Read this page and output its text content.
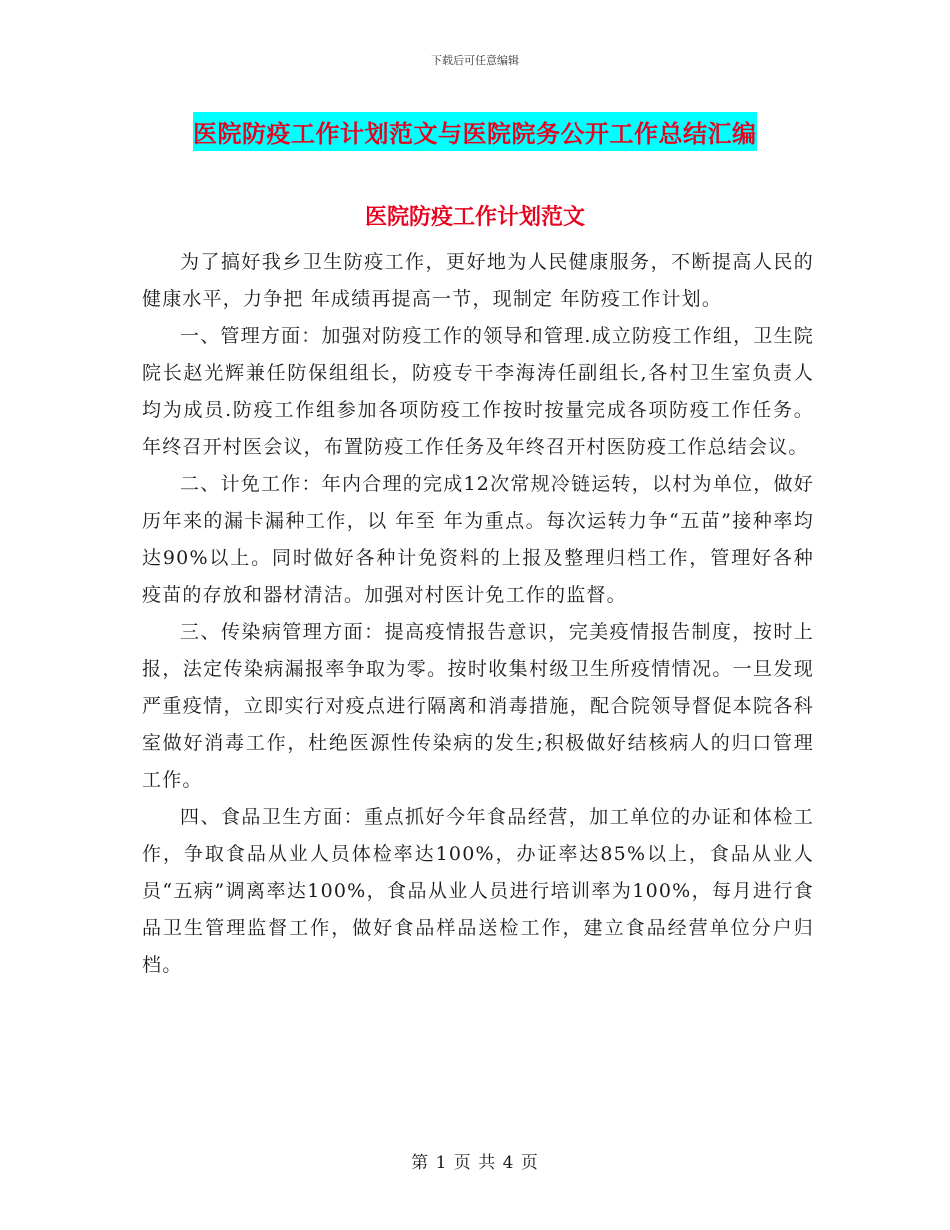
下载后可任意编辑
医院防疫工作计划范文与医院院务公开工作总结汇编
医院防疫工作计划范文

为了搞好我乡卫生防疫工作，更好地为人民健康服务，不断提高人民的健康水平，力争把 年成绩再提高一节，现制定 年防疫工作计划。

一、管理方面：加强对防疫工作的领导和管理.成立防疫工作组，卫生院院长赵光辉兼任防保组组长，防疫专干李海涛任副组长,各村卫生室负责人均为成员.防疫工作组参加各项防疫工作按时按量完成各项防疫工作任务。年终召开村医会议，布置防疫工作任务及年终召开村医防疫工作总结会议。

二、计免工作：年内合理的完成12次常规冷链运转，以村为单位，做好历年来的漏卡漏种工作，以 年至 年为重点。每次运转力争“五苗”接种率均达90%以上。同时做好各种计免资料的上报及整理归档工作，管理好各种疫苗的存放和器材清洁。加强对村医计免工作的监督。

三、传染病管理方面：提高疫情报告意识，完美疫情报告制度，按时上报，法定传染病漏报率争取为零。按时收集村级卫生所疫情情况。一旦发现严重疫情，立即实行对疫点进行隔离和消毒措施，配合院领导督促本院各科室做好消毒工作，杜绝医源性传染病的发生;积极做好结核病人的归口管理工作。

四、食品卫生方面：重点抓好今年食品经营，加工单位的办证和体检工作，争取食品从业人员体检率达100%，办证率达85%以上，食品从业人员“五病”调离率达100%，食品从业人员进行培训率为100%，每月进行食品卫生管理监督工作，做好食品样品送检工作，建立食品经营单位分户归档。

第 1 页 共 4 页
